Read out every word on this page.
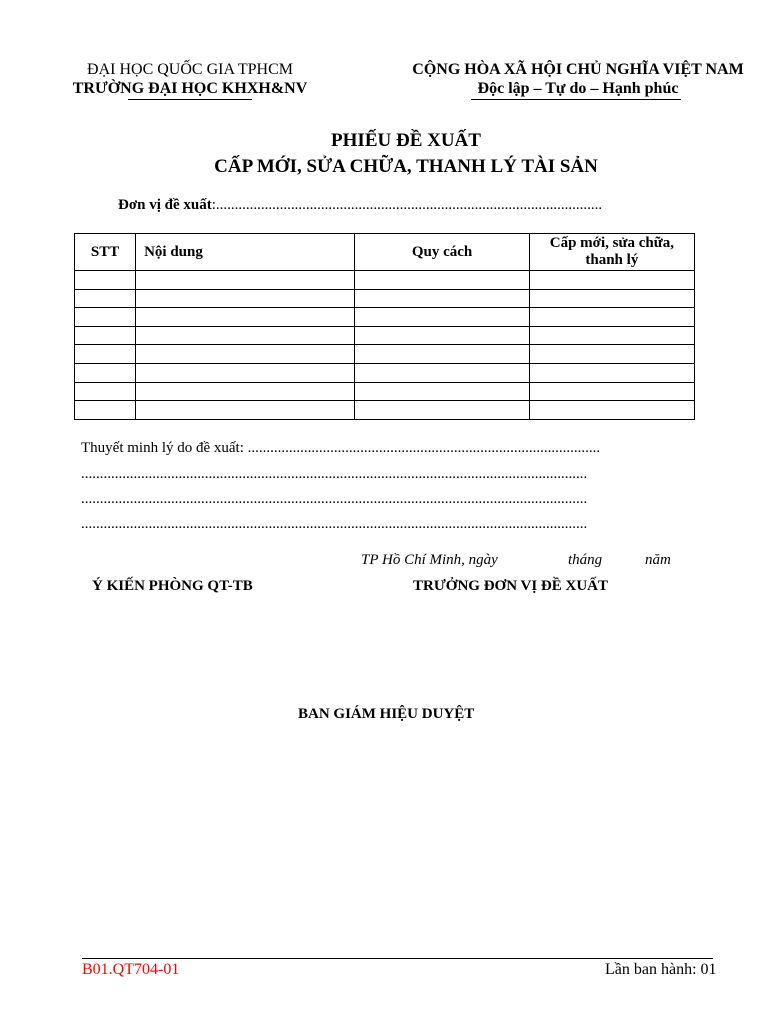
ĐẠI HỌC QUỐC GIA TPHCM
TRƯỜNG ĐẠI HỌC KHXH&NV
CỘNG HÒA XÃ HỘI CHỦ NGHĨA VIỆT NAM
Độc lập – Tự do – Hạnh phúc
PHIẾU ĐỀ XUẤT
CẤP MỚI, SỬA CHỮA, THANH LÝ TÀI SẢN
Đơn vị đề xuất:.......................................................................................................
STT	Nội dung	Quy cách	Cấp mới, sửa chữa, thanh lý

Thuyết minh lý do đề xuất: ..............................................................................................
.......................................................................................................................................
.......................................................................................................................................
.......................................................................................................................................
TP Hồ Chí Minh, ngày	tháng	năm
Ý KIẾN PHÒNG QT-TB	TRƯỞNG ĐƠN VỊ ĐỀ XUẤT
BAN GIÁM HIỆU DUYỆT
B01.QT704-01	Lần ban hành: 01
